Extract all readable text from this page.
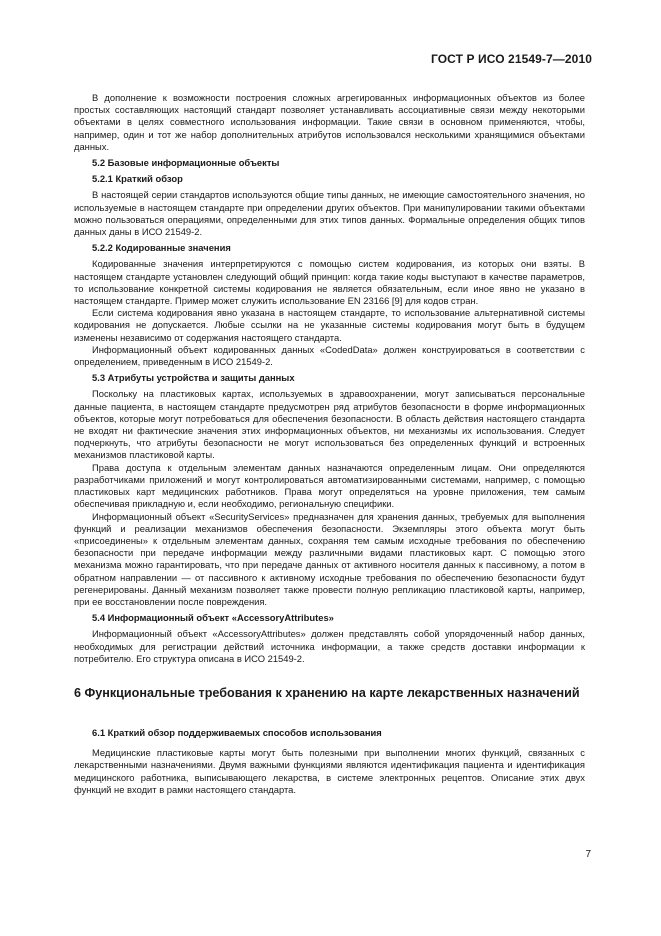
ГОСТ Р ИСО 21549-7—2010

В дополнение к возможности построения сложных агрегированных информационных объектов из более простых составляющих настоящий стандарт позволяет устанавливать ассоциативные связи между некоторыми объектами в целях совместного использования информации. Такие связи в основном применяются, чтобы, например, один и тот же набор дополнительных атрибутов использовался несколькими хранящимися объектами данных.

5.2 Базовые информационные объекты
5.2.1 Краткий обзор

В настоящей серии стандартов используются общие типы данных, не имеющие самостоятельного значения, но используемые в настоящем стандарте при определении других объектов. При манипулировании такими объектами можно пользоваться операциями, определенными для этих типов данных. Формальные определения общих типов данных даны в ИСО 21549-2.

5.2.2 Кодированные значения

Кодированные значения интерпретируются с помощью систем кодирования, из которых они взяты. В настоящем стандарте установлен следующий общий принцип: когда такие коды выступают в качестве параметров, то использование конкретной системы кодирования не является обязательным, если иное явно не указано в настоящем стандарте. Пример может служить использование EN 23166 [9] для кодов стран.

Если система кодирования явно указана в настоящем стандарте, то использование альтернативной системы кодирования не допускается. Любые ссылки на не указанные системы кодирования могут быть в будущем изменены независимо от содержания настоящего стандарта.

Информационный объект кодированных данных «CodedData» должен конструироваться в соответствии с определением, приведенным в ИСО 21549-2.

5.3 Атрибуты устройства и защиты данных

Поскольку на пластиковых картах, используемых в здравоохранении, могут записываться персональные данные пациента, в настоящем стандарте предусмотрен ряд атрибутов безопасности в форме информационных объектов, которые могут потребоваться для обеспечения безопасности. В область действия настоящего стандарта не входят ни фактические значения этих информационных объектов, ни механизмы их использования. Следует подчеркнуть, что атрибуты безопасности не могут использоваться без определенных функций и встроенных механизмов пластиковой карты.

Права доступа к отдельным элементам данных назначаются определенным лицам. Они определяются разработчиками приложений и могут контролироваться автоматизированными системами, например, с помощью пластиковых карт медицинских работников. Права могут определяться на уровне приложения, тем самым обеспечивая прикладную и, если необходимо, региональную специфики.

Информационный объект «SecurityServices» предназначен для хранения данных, требуемых для выполнения функций и реализации механизмов обеспечения безопасности. Экземпляры этого объекта могут быть «присоединены» к отдельным элементам данных, сохраняя тем самым исходные требования по обеспечению безопасности при передаче информации между различными видами пластиковых карт. С помощью этого механизма можно гарантировать, что при передаче данных от активного носителя данных к пассивному, а потом в обратном направлении — от пассивного к активному исходные требования по обеспечению безопасности будут регенерированы. Данный механизм позволяет также провести полную репликацию пластиковой карты, например, при ее восстановлении после повреждения.

5.4 Информационный объект «AccessoryAttributes»

Информационный объект «AccessoryAttributes» должен представлять собой упорядоченный набор данных, необходимых для регистрации действий источника информации, а также средств доставки информации к потребителю. Его структура описана в ИСО 21549-2.

6 Функциональные требования к хранению на карте лекарственных назначений
6.1 Краткий обзор поддерживаемых способов использования

Медицинские пластиковые карты могут быть полезными при выполнении многих функций, связанных с лекарственными назначениями. Двумя важными функциями являются идентификация пациента и идентификация медицинского работника, выписывающего лекарства, в системе электронных рецептов. Описание этих двух функций не входит в рамки настоящего стандарта.

7
